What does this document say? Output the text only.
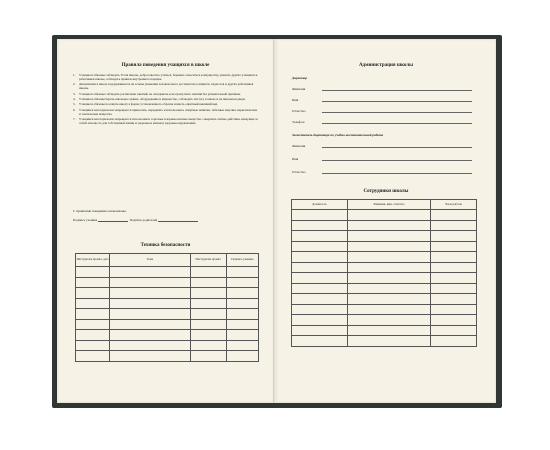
Правила поведения учащихся в школе
1. Учащиеся обязаны соблюдать Устав школы, добросовестно учиться, бережно относиться к имуществу, уважать других учащихся и работников школы, соблюдать правила внутреннего порядка.
2. Дисциплина в школе поддерживается на основе уважения человеческого достоинства учащихся, педагогов и других работников школы.
3. Учащиеся обязаны соблюдать расписание занятий, не опаздывать и не пропускать занятия без уважительной причины.
4. Учащиеся обязаны беречь школьное здание, оборудование и имущество, соблюдать чистоту в школе и на школьном дворе.
5. Учащиеся обязаны посещать школу в форме установленного образца и иметь опрятный внешний вид.
6. Учащимся категорически запрещается приносить, передавать и использовать спиртные напитки, табачные изделия, наркотические и токсические вещества.
7. Учащимся категорически запрещается использовать торговые и взрывоопасные вещества, совершать любые действия, влекущие за собой опасность для собственной жизни и здоровья и жизни и здоровья окружающих.
С правилами поведения ознакомлены.
Подпись ученика	Подпись родителей
Техника безопасности
Инструктаж провёл, дата	Тема	Инструктаж провёл	Подпись ученика

Администрация школы
Директор
Фамилия
Имя
Отчество
Телефон
Заместитель директора по учебно-воспитательной работе
Фамилия
Имя
Отчество
Сотрудники школы
Должность	Фамилия, имя, отчество	Часы работы
